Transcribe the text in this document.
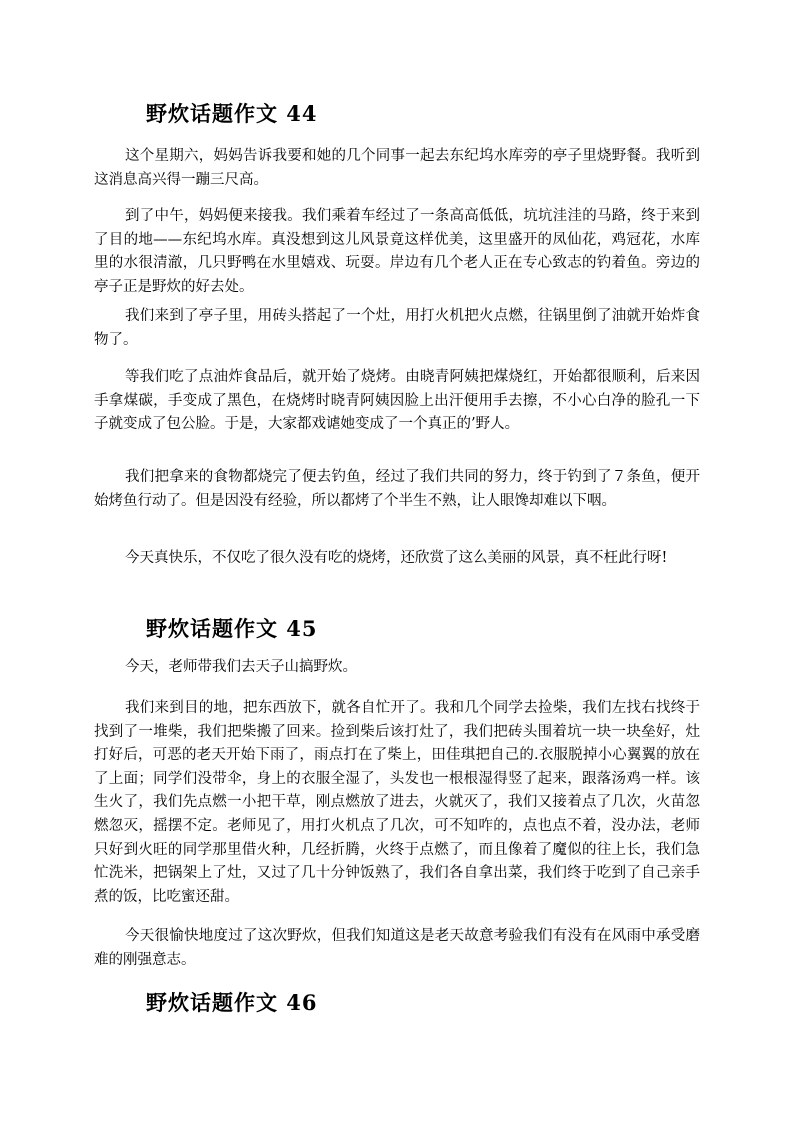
野炊话题作文 44

这个星期六，妈妈告诉我要和她的几个同事一起去东纪坞水库旁的亭子里烧野餐。我听到这消息高兴得一蹦三尺高。

到了中午，妈妈便来接我。我们乘着车经过了一条高高低低，坑坑洼洼的马路，终于来到了目的地——东纪坞水库。真没想到这儿风景竟这样优美，这里盛开的凤仙花，鸡冠花，水库里的水很清澈，几只野鸭在水里嬉戏、玩耍。岸边有几个老人正在专心致志的钓着鱼。旁边的亭子正是野炊的好去处。

我们来到了亭子里，用砖头搭起了一个灶，用打火机把火点燃，往锅里倒了油就开始炸食物了。

等我们吃了点油炸食品后，就开始了烧烤。由晓青阿姨把煤烧红，开始都很顺利，后来因手拿煤碳，手变成了黑色，在烧烤时晓青阿姨因脸上出汗便用手去擦，不小心白净的脸孔一下子就变成了包公脸。于是，大家都戏谑她变成了一个真正的’野人。

我们把拿来的食物都烧完了便去钓鱼，经过了我们共同的努力，终于钓到了７条鱼，便开始烤鱼行动了。但是因没有经验，所以都烤了个半生不熟，让人眼馋却难以下咽。

今天真快乐，不仅吃了很久没有吃的烧烤，还欣赏了这么美丽的风景，真不枉此行呀!

野炊话题作文 45

今天，老师带我们去天子山搞野炊。

我们来到目的地，把东西放下，就各自忙开了。我和几个同学去捡柴，我们左找右找终于找到了一堆柴，我们把柴搬了回来。捡到柴后该打灶了，我们把砖头围着坑一块一块垒好，灶打好后，可恶的老天开始下雨了，雨点打在了柴上，田佳琪把自己的.衣服脱掉小心翼翼的放在了上面；同学们没带伞，身上的衣服全湿了，头发也一根根湿得竖了起来，跟落汤鸡一样。该生火了，我们先点燃一小把干草，刚点燃放了进去，火就灭了，我们又接着点了几次，火苗忽燃忽灭，摇摆不定。老师见了，用打火机点了几次，可不知咋的，点也点不着，没办法，老师只好到火旺的同学那里借火种，几经折腾，火终于点燃了，而且像着了魔似的往上长，我们急忙洗米，把锅架上了灶，又过了几十分钟饭熟了，我们各自拿出菜，我们终于吃到了自己亲手煮的饭，比吃蜜还甜。

今天很愉快地度过了这次野炊，但我们知道这是老天故意考验我们有没有在风雨中承受磨难的刚强意志。

野炊话题作文 46
